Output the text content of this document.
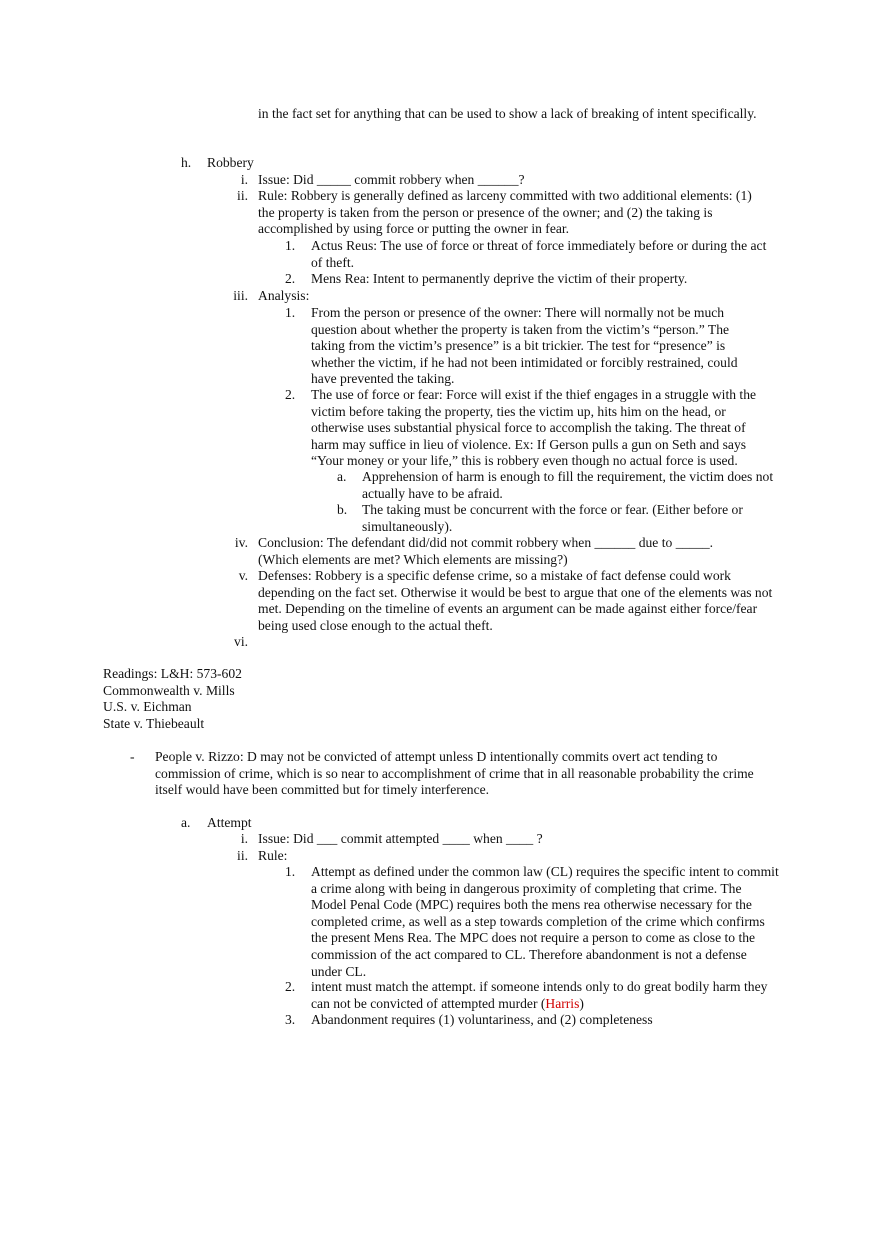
in the fact set for anything that can be used to show a lack of breaking of intent specifically.
h. Robbery
i. Issue: Did _____ commit robbery when ______?
ii. Rule: Robbery is generally defined as larceny committed with two additional elements: (1) the property is taken from the person or presence of the owner; and (2) the taking is accomplished by using force or putting the owner in fear.
1. Actus Reus: The use of force or threat of force immediately before or during the act of theft.
2. Mens Rea: Intent to permanently deprive the victim of their property.
iii. Analysis:
1. From the person or presence of the owner: There will normally not be much question about whether the property is taken from the victim’s “person.” The taking from the victim’s presence” is a bit trickier. The test for “presence” is whether the victim, if he had not been intimidated or forcibly restrained, could have prevented the taking.
2. The use of force or fear: Force will exist if the thief engages in a struggle with the victim before taking the property, ties the victim up, hits him on the head, or otherwise uses substantial physical force to accomplish the taking. The threat of harm may suffice in lieu of violence. Ex: If Gerson pulls a gun on Seth and says “Your money or your life,” this is robbery even though no actual force is used.
a. Apprehension of harm is enough to fill the requirement, the victim does not actually have to be afraid.
b. The taking must be concurrent with the force or fear. (Either before or simultaneously).
iv. Conclusion: The defendant did/did not commit robbery when ______ due to _____. (Which elements are met? Which elements are missing?)
v. Defenses: Robbery is a specific defense crime, so a mistake of fact defense could work depending on the fact set. Otherwise it would be best to argue that one of the elements was not met. Depending on the timeline of events an argument can be made against either force/fear being used close enough to the actual theft.
vi.
Readings: L&H: 573-602
Commonwealth v. Mills
U.S. v. Eichman
State v. Thiebeault
- People v. Rizzo: D may not be convicted of attempt unless D intentionally commits overt act tending to commission of crime, which is so near to accomplishment of crime that in all reasonable probability the crime itself would have been committed but for timely interference.
a. Attempt
i. Issue: Did ___ commit attempted ____ when ____ ?
ii. Rule:
1. Attempt as defined under the common law (CL) requires the specific intent to commit a crime along with being in dangerous proximity of completing that crime. The Model Penal Code (MPC) requires both the mens rea otherwise necessary for the completed crime, as well as a step towards completion of the crime which confirms the present Mens Rea. The MPC does not require a person to come as close to the commission of the act compared to CL. Therefore abandonment is not a defense under CL.
2. intent must match the attempt. if someone intends only to do great bodily harm they can not be convicted of attempted murder (Harris)
3. Abandonment requires (1) voluntariness, and (2) completeness
